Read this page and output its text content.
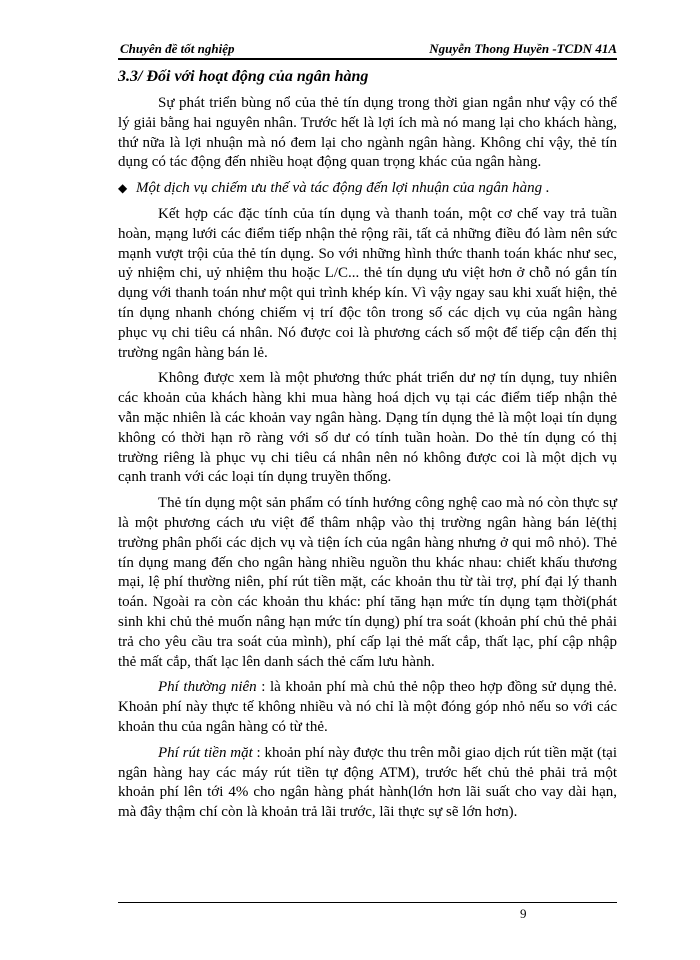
Chuyên đề tốt nghiệp	Nguyễn Thong Huyền -TCDN 41A
3.3/ Đối với hoạt động của ngân hàng

Sự phát triển bùng nổ của thẻ tín dụng trong thời gian ngắn như vậy có thể lý giải bằng hai nguyên nhân. Trước hết là lợi ích mà nó mang lại cho khách hàng, thứ nữa là lợi nhuận mà nó đem lại cho ngành ngân hàng. Không chỉ vậy, thẻ tín dụng có tác động đến nhiều hoạt động quan trọng khác của ngân hàng.

◆ Một dịch vụ chiếm ưu thế và tác động đến lợi nhuận của ngân hàng .

Kết hợp các đặc tính của tín dụng và thanh toán, một cơ chế vay trả tuần hoàn, mạng lưới các điểm tiếp nhận thẻ rộng rãi, tất cả những điều đó làm nên sức mạnh vượt trội của thẻ tín dụng. So với những hình thức thanh toán khác như sec, uỷ nhiệm chi, uỷ nhiệm thu hoặc L/C... thẻ tín dụng ưu việt hơn ở chỗ nó gắn tín dụng với thanh toán như một qui trình khép kín. Vì vậy ngay sau khi xuất hiện, thẻ tín dụng nhanh chóng chiếm vị trí độc tôn trong số các dịch vụ của ngân hàng phục vụ chi tiêu cá nhân. Nó được coi là phương cách số một để tiếp cận đến thị trường ngân hàng bán lẻ.

Không được xem là một phương thức phát triển dư nợ tín dụng, tuy nhiên các khoản của khách hàng khi mua hàng hoá dịch vụ tại các điểm tiếp nhận thẻ vẫn mặc nhiên là các khoản vay ngân hàng. Dạng tín dụng thẻ là một loại tín dụng không có thời hạn rõ ràng với số dư có tính tuần hoàn. Do thẻ tín dụng có thị trường riêng là phục vụ chi tiêu cá nhân nên nó không được coi là một dịch vụ cạnh tranh với các loại tín dụng truyền thống.

Thẻ tín dụng một sản phẩm có tính hướng công nghệ cao mà nó còn thực sự là một phương cách ưu việt để thâm nhập vào thị trường ngân hàng bán lẻ(thị trường phân phối các dịch vụ và tiện ích của ngân hàng nhưng ở qui mô nhỏ). Thẻ tín dụng mang đến cho ngân hàng nhiều nguồn thu khác nhau: chiết khấu thương mại, lệ phí thường niên, phí rút tiền mặt, các khoản thu từ tài trợ, phí đại lý thanh toán. Ngoài ra còn các khoản thu khác: phí tăng hạn mức tín dụng tạm thời(phát sinh khi chủ thẻ muốn nâng hạn mức tín dụng) phí tra soát (khoản phí chủ thẻ phải trả cho yêu cầu tra soát của mình), phí cấp lại thẻ mất cắp, thất lạc, phí cập nhập thẻ mất cắp, thất lạc lên danh sách thẻ cấm lưu hành.

Phí thường niên : là khoản phí mà chủ thẻ nộp theo hợp đồng sử dụng thẻ. Khoản phí này thực tế không nhiều và nó chỉ là một đóng góp nhỏ nếu so với các khoản thu của ngân hàng có từ thẻ.

Phí rút tiền mặt : khoản phí này được thu trên mỗi giao dịch rút tiền mặt (tại ngân hàng hay các máy rút tiền tự động ATM), trước hết chủ thẻ phải trả một khoản phí lên tới 4% cho ngân hàng phát hành(lớn hơn lãi suất cho vay dài hạn, mà đây thậm chí còn là khoản trả lãi trước, lãi thực sự sẽ lớn hơn).

9
